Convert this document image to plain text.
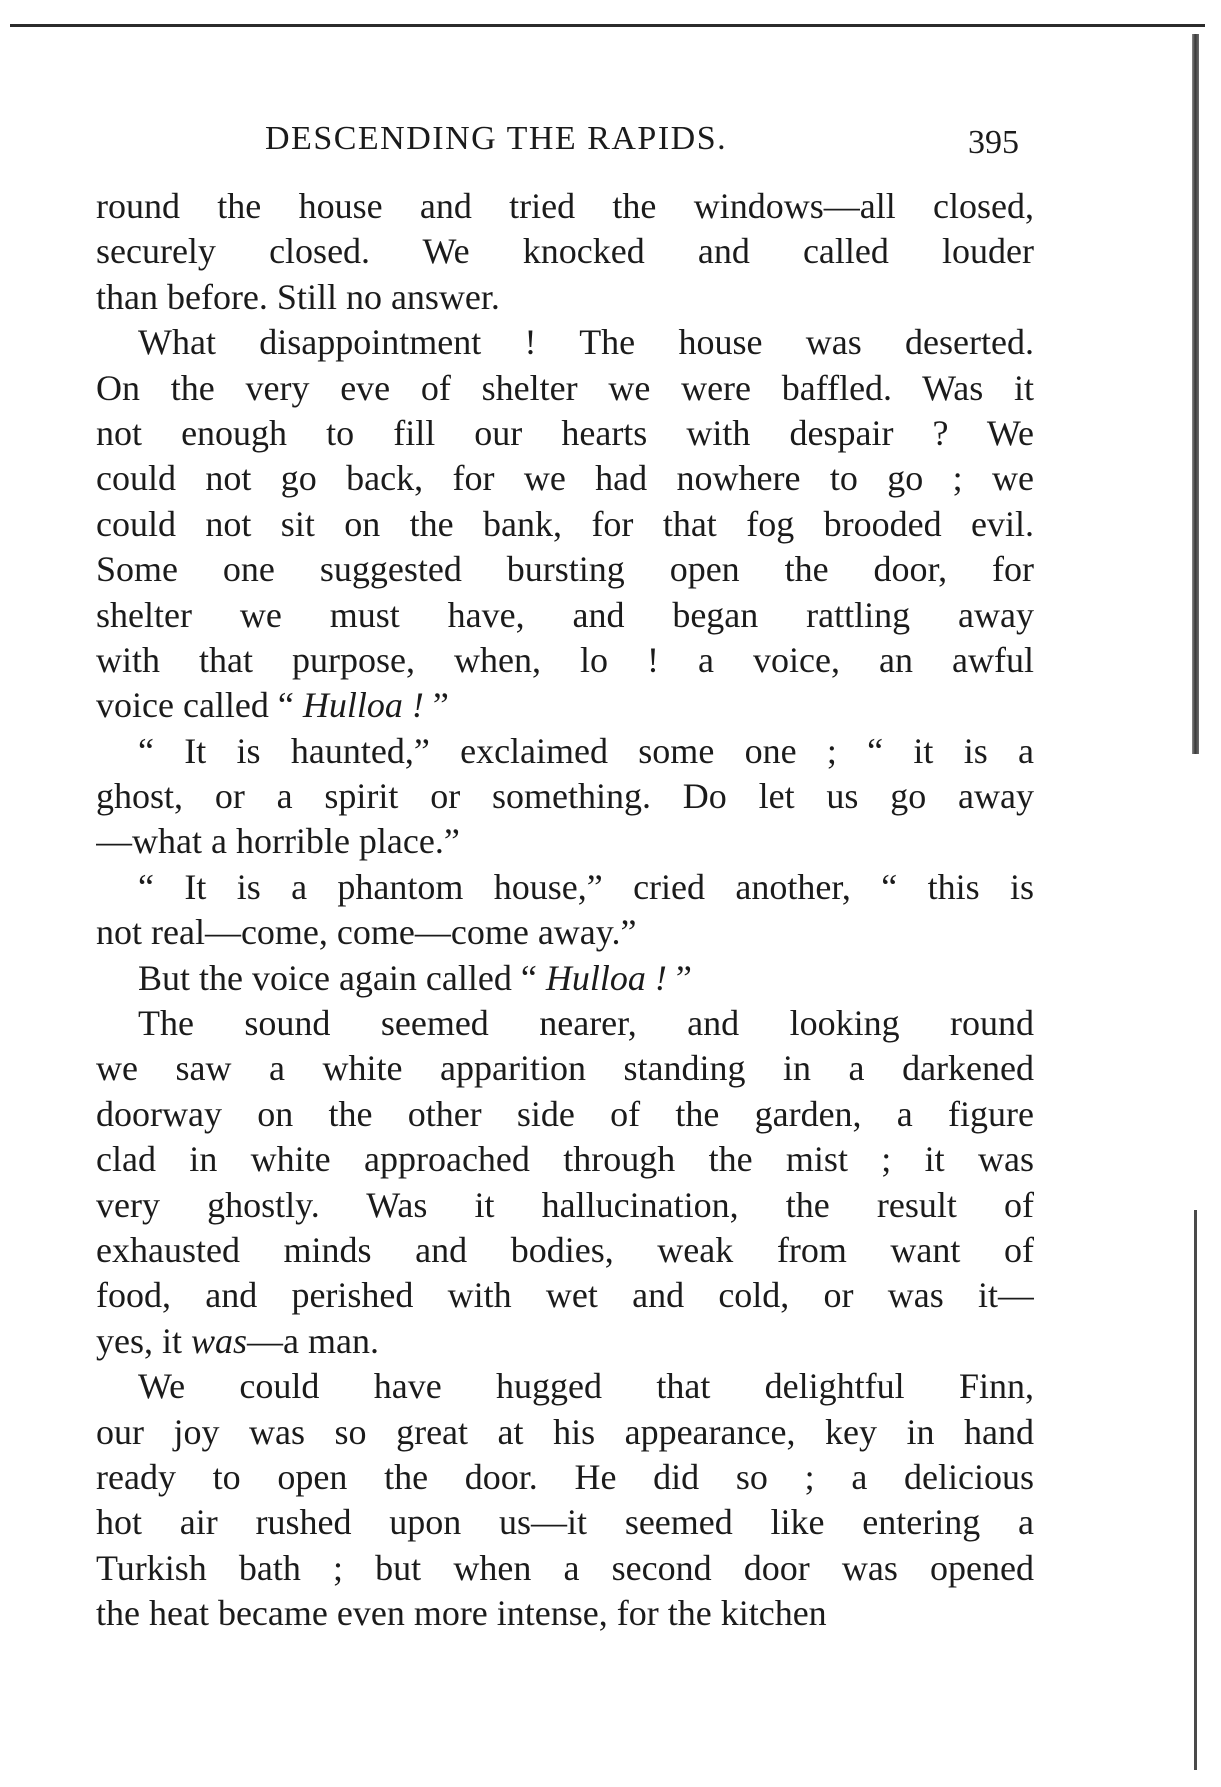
DESCENDING THE RAPIDS.	395
round the house and tried the windows—all closed,
securely closed. We knocked and called louder
than before. Still no answer.
What disappointment ! The house was deserted.
On the very eve of shelter we were baffled. Was it
not enough to fill our hearts with despair ? We
could not go back, for we had nowhere to go ; we
could not sit on the bank, for that fog brooded evil.
Some one suggested bursting open the door, for
shelter we must have, and began rattling away
with that purpose, when, lo ! a voice, an awful
voice called “ Hulloa ! ”
“ It is haunted,” exclaimed some one ; “ it is a
ghost, or a spirit or something. Do let us go away
—what a horrible place.”
“ It is a phantom house,” cried another, “ this is
not real—come, come—come away.”
But the voice again called “ Hulloa ! ”
The sound seemed nearer, and looking round
we saw a white apparition standing in a darkened
doorway on the other side of the garden, a figure
clad in white approached through the mist ; it was
very ghostly. Was it hallucination, the result of
exhausted minds and bodies, weak from want of
food, and perished with wet and cold, or was it—
yes, it was—a man.
We could have hugged that delightful Finn,
our joy was so great at his appearance, key in hand
ready to open the door. He did so ; a delicious
hot air rushed upon us—it seemed like entering a
Turkish bath ; but when a second door was opened
the heat became even more intense, for the kitchen
